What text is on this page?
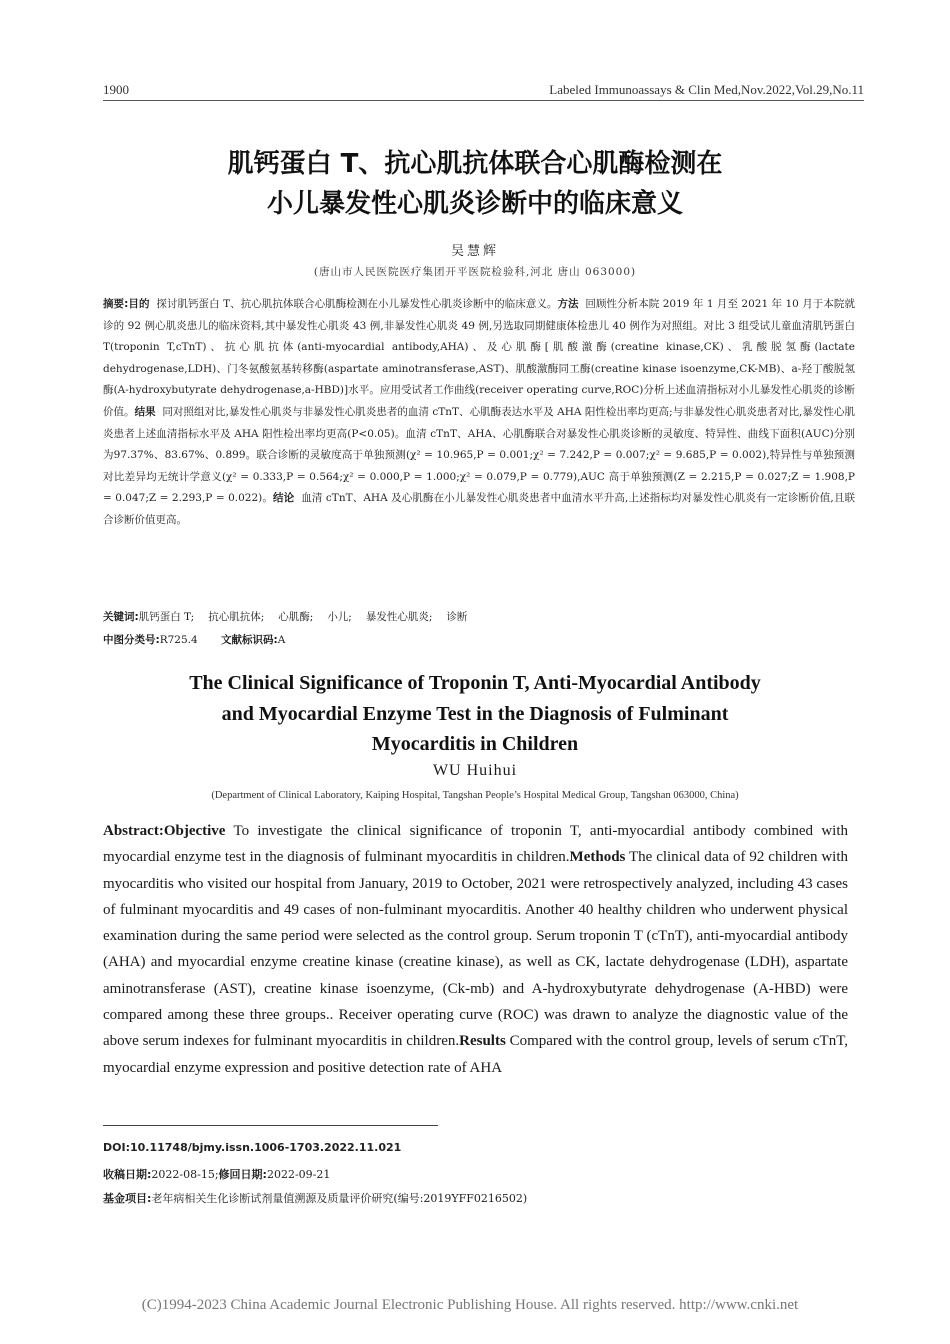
1900	Labeled Immunoassays & Clin Med,Nov.2022,Vol.29,No.11
肌钙蛋白 T、抗心肌抗体联合心肌酶检测在
小儿暴发性心肌炎诊断中的临床意义
吴慧辉
(唐山市人民医院医疗集团开平医院检验科,河北 唐山 063000)
摘要:目的 探讨肌钙蛋白 T、抗心肌抗体联合心肌酶检测在小儿暴发性心肌炎诊断中的临床意义。方法 回顾性分析本院 2019 年 1 月至 2021 年 10 月于本院就诊的 92 例心肌炎患儿的临床资料,其中暴发性心肌炎 43 例,非暴发性心肌炎 49 例,另选取同期健康体检患儿 40 例作为对照组。对比 3 组受试儿童血清肌钙蛋白 T(troponin T,cTnT)、抗心肌抗体(anti-myocardial antibody,AHA)、及心肌酶[肌酸激酶(creatine kinase,CK)、乳酸脱氢酶(lactate dehydrogenase,LDH)、门冬氨酸氨基转移酶(aspartate aminotransferase,AST)、肌酸激酶同工酶(creatine kinase isoenzyme,CK-MB)、a-羟丁酸脱氢酶(A-hydroxybutyrate dehydrogenase,a-HBD)]水平。应用受试者工作曲线(receiver operating curve,ROC)分析上述血清指标对小儿暴发性心肌炎的诊断价值。结果 同对照组对比,暴发性心肌炎与非暴发性心肌炎患者的血清 cTnT、心肌酶表达水平及 AHA 阳性检出率均更高;与非暴发性心肌炎患者对比,暴发性心肌炎患者上述血清指标水平及 AHA 阳性检出率均更高(P<0.05)。血清 cTnT、AHA、心肌酶联合对暴发性心肌炎诊断的灵敏度、特异性、曲线下面积(AUC)分别为97.37%、83.67%、0.899。联合诊断的灵敏度高于单独预测(χ² = 10.965,P = 0.001;χ² = 7.242,P = 0.007;χ² = 9.685,P = 0.002),特异性与单独预测对比差异均无统计学意义(χ² = 0.333,P = 0.564;χ² = 0.000,P = 1.000;χ² = 0.079,P = 0.779),AUC 高于单独预测(Z = 2.215,P = 0.027;Z = 1.908,P = 0.047;Z = 2.293,P = 0.022)。结论 血清 cTnT、AHA 及心肌酶在小儿暴发性心肌炎患者中血清水平升高,上述指标均对暴发性心肌炎有一定诊断价值,且联合诊断价值更高。
关键词:肌钙蛋白 T; 抗心肌抗体; 心肌酶; 小儿; 暴发性心肌炎; 诊断
中图分类号:R725.4 文献标识码:A
The Clinical Significance of Troponin T, Anti-Myocardial Antibody
and Myocardial Enzyme Test in the Diagnosis of Fulminant
Myocarditis in Children
WU Huihui
(Department of Clinical Laboratory, Kaiping Hospital, Tangshan People’s Hospital Medical Group, Tangshan 063000, China)
Abstract:Objective To investigate the clinical significance of troponin T, anti-myocardial antibody combined with myocardial enzyme test in the diagnosis of fulminant myocarditis in children.Methods The clinical data of 92 children with myocarditis who visited our hospital from January, 2019 to October, 2021 were retrospectively analyzed, including 43 cases of fulminant myocarditis and 49 cases of non-fulminant myocarditis. Another 40 healthy children who underwent physical examination during the same period were selected as the control group. Serum troponin T (cTnT), anti-myocardial antibody (AHA) and myocardial enzyme creatine kinase (creatine kinase), as well as CK, lactate dehydrogenase (LDH), aspartate aminotransferase (AST), creatine kinase isoenzyme, (Ck-mb) and A-hydroxybutyrate dehydrogenase (A-HBD) were compared among these three groups.. Receiver operating curve (ROC) was drawn to analyze the diagnostic value of the above serum indexes for fulminant myocarditis in children.Results Compared with the control group, levels of serum cTnT, myocardial enzyme expression and positive detection rate of AHA
DOI:10.11748/bjmy.issn.1006-1703.2022.11.021
收稿日期:2022-08-15;修回日期:2022-09-21
基金项目:老年病相关生化诊断试剂量值溯源及质量评价研究(编号:2019YFF0216502)
(C)1994-2023 China Academic Journal Electronic Publishing House. All rights reserved. http://www.cnki.net
